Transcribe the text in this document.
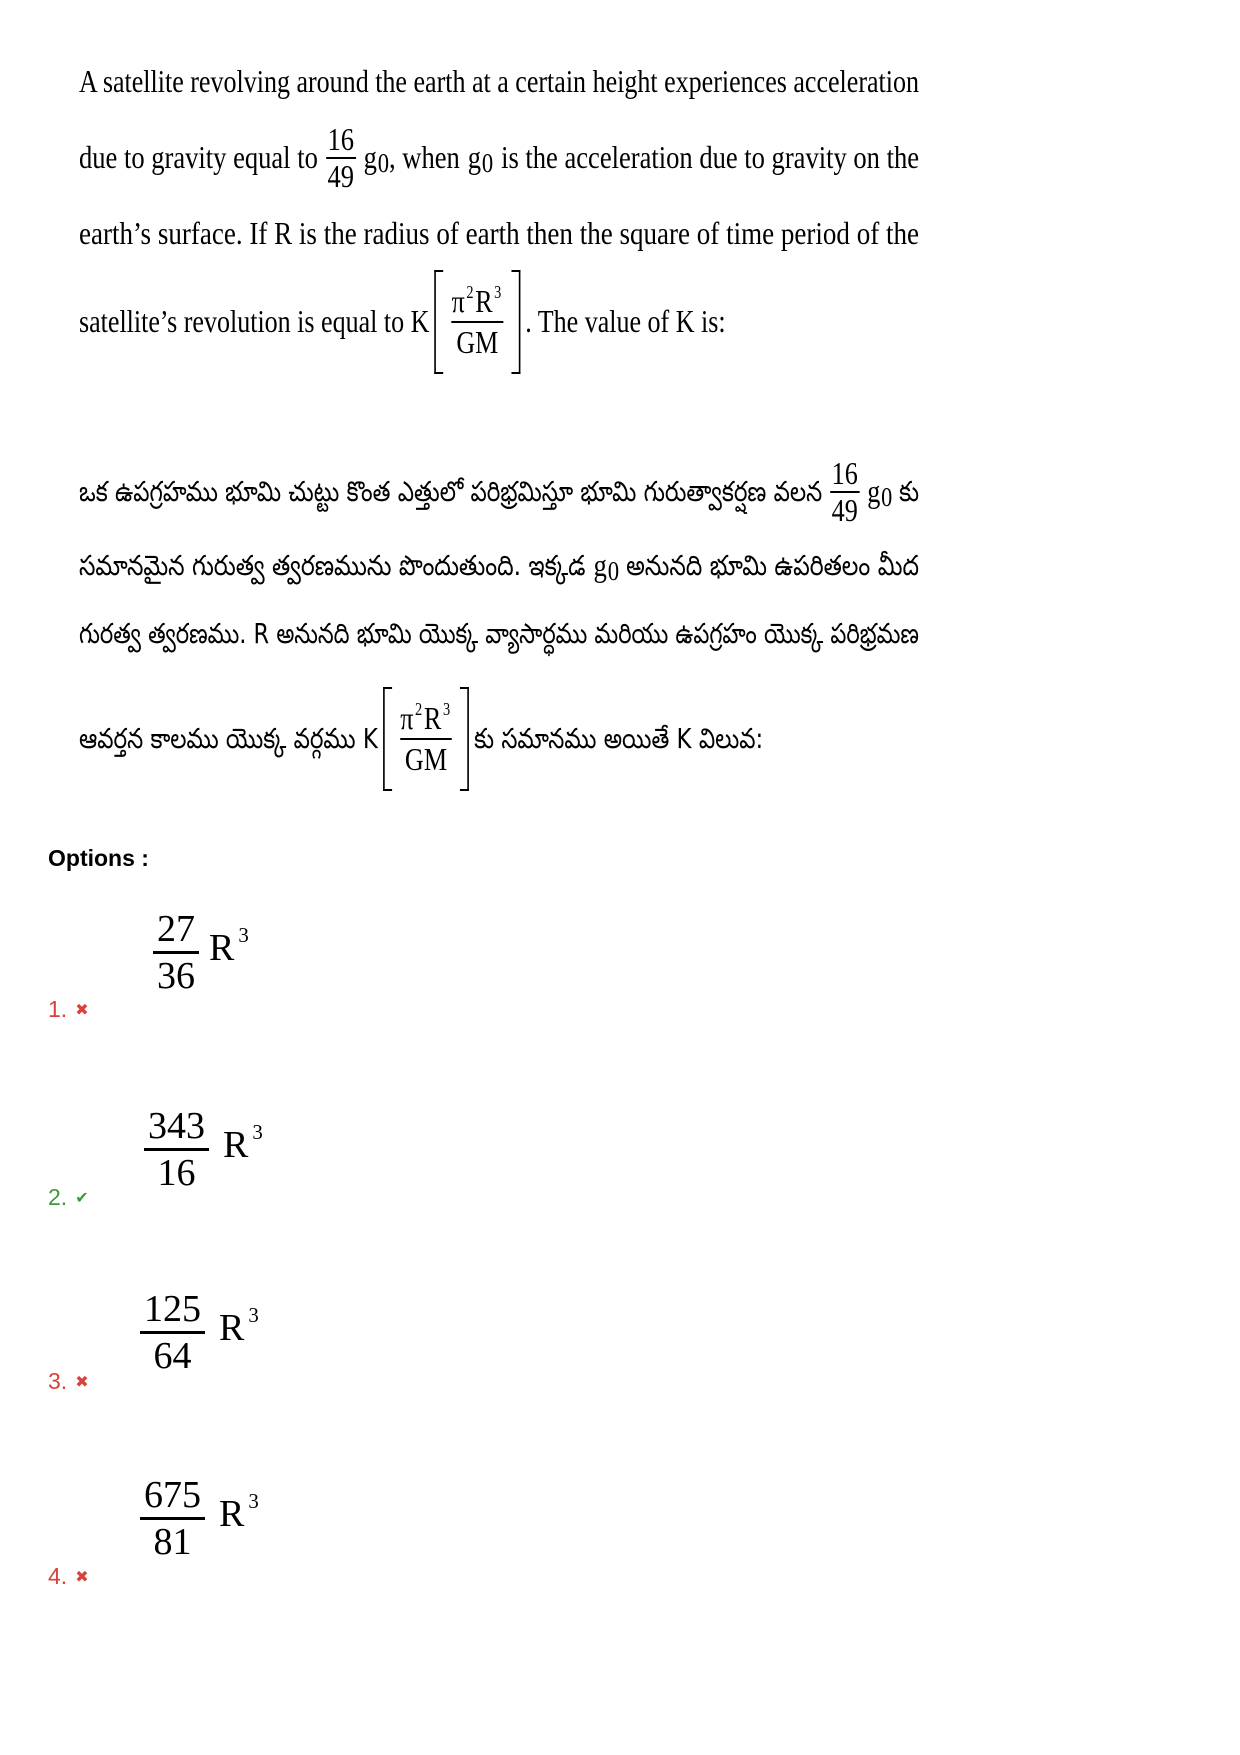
A satellite revolving around the earth at a certain height experiences acceleration
due to gravity equal to $\frac{16}{49}$ g 0 , when g 0 is the acceleration due to gravity on the
earth’s surface. If R is the radius of earth then the square of time period of the
satellite’s revolution is equal to K $\frac{\pi 2 R 3}{GM}$ . The value of K is:
ఒక ఉపగ్రహము భూమి చుట్టు కొంత ఎత్తులో పరిభ్రమిస్తూ భూమి గురుత్వాకర్షణ వలన $\frac{16}{49}$ g 0 కు
సమానమైన గురుత్వ త్వరణమును పొందుతుంది. ఇక్కడ g 0 అనునది భూమి ఉపరితలం మీద
గురత్వ త్వరణము. R అనునది భూమి యొక్క వ్యాసార్ధము మరియు ఉపగ్రహం యొక్క పరిభ్రమణ
ఆవర్తన కాలము యొక్క వర్గము K $\frac{\pi 2 R 3}{GM}$ కు సమానము అయితే K విలువ:
Options :
27
36
R 3
1. ✖
343
16
R 3
2. ✔
125
64
R 3
3. ✖
675
81
R 3
4. ✖
